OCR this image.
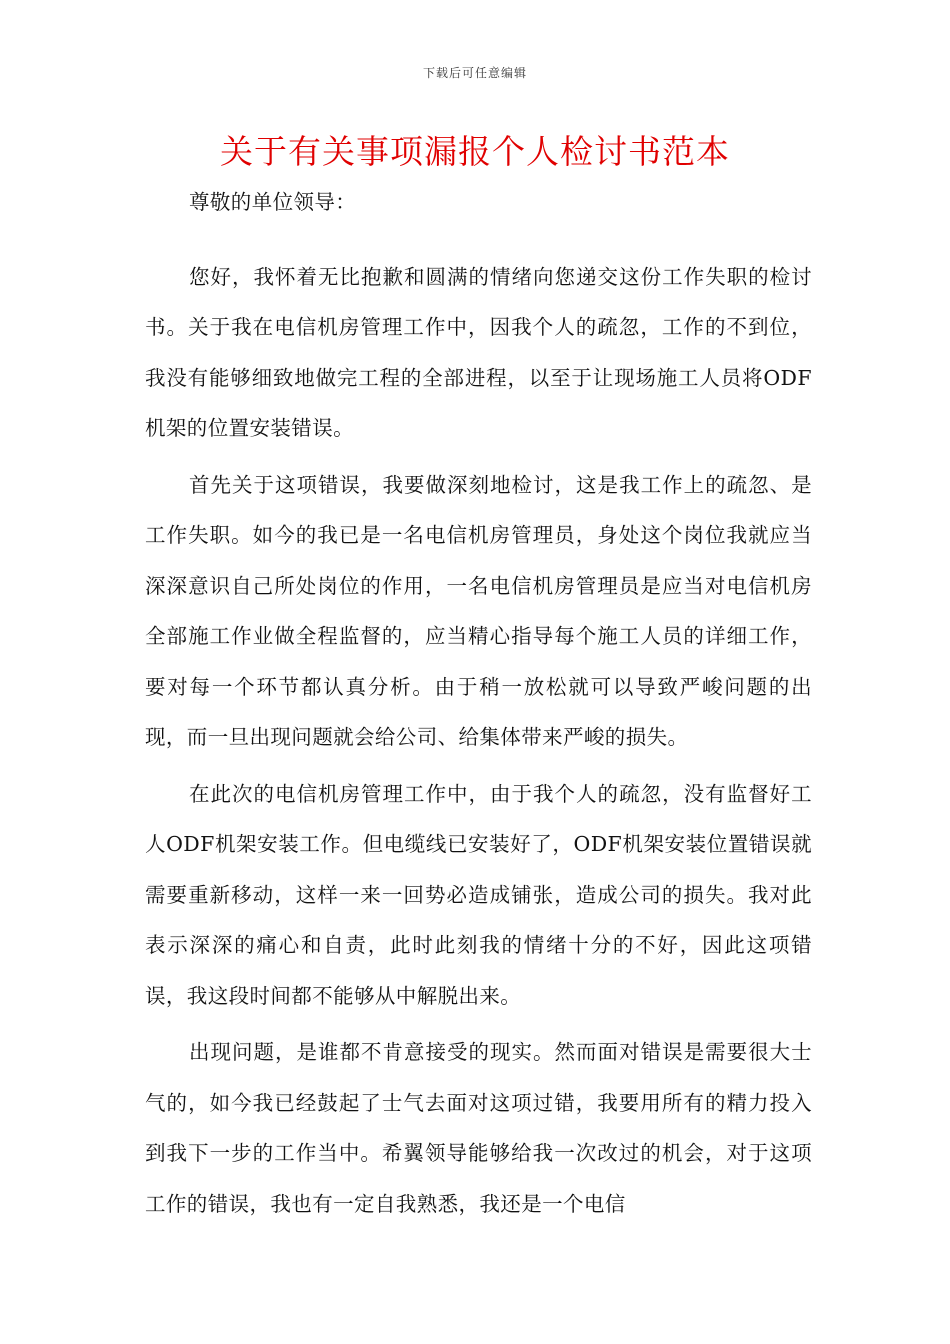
下载后可任意编辑
关于有关事项漏报个人检讨书范本

尊敬的单位领导：

您好，我怀着无比抱歉和圆满的情绪向您递交这份工作失职的检讨书。关于我在电信机房管理工作中，因我个人的疏忽，工作的不到位，我没有能够细致地做完工程的全部进程，以至于让现场施工人员将ODF机架的位置安装错误。

首先关于这项错误，我要做深刻地检讨，这是我工作上的疏忽、是工作失职。如今的我已是一名电信机房管理员，身处这个岗位我就应当深深意识自己所处岗位的作用，一名电信机房管理员是应当对电信机房全部施工作业做全程监督的，应当精心指导每个施工人员的详细工作，要对每一个环节都认真分析。由于稍一放松就可以导致严峻问题的出现，而一旦出现问题就会给公司、给集体带来严峻的损失。

在此次的电信机房管理工作中，由于我个人的疏忽，没有监督好工人ODF机架安装工作。但电缆线已安装好了，ODF机架安装位置错误就需要重新移动，这样一来一回势必造成铺张，造成公司的损失。我对此表示深深的痛心和自责，此时此刻我的情绪十分的不好，因此这项错误，我这段时间都不能够从中解脱出来。

出现问题，是谁都不肯意接受的现实。然而面对错误是需要很大士气的，如今我已经鼓起了士气去面对这项过错，我要用所有的精力投入到我下一步的工作当中。希翼领导能够给我一次改过的机会，对于这项工作的错误，我也有一定自我熟悉，我还是一个电信
